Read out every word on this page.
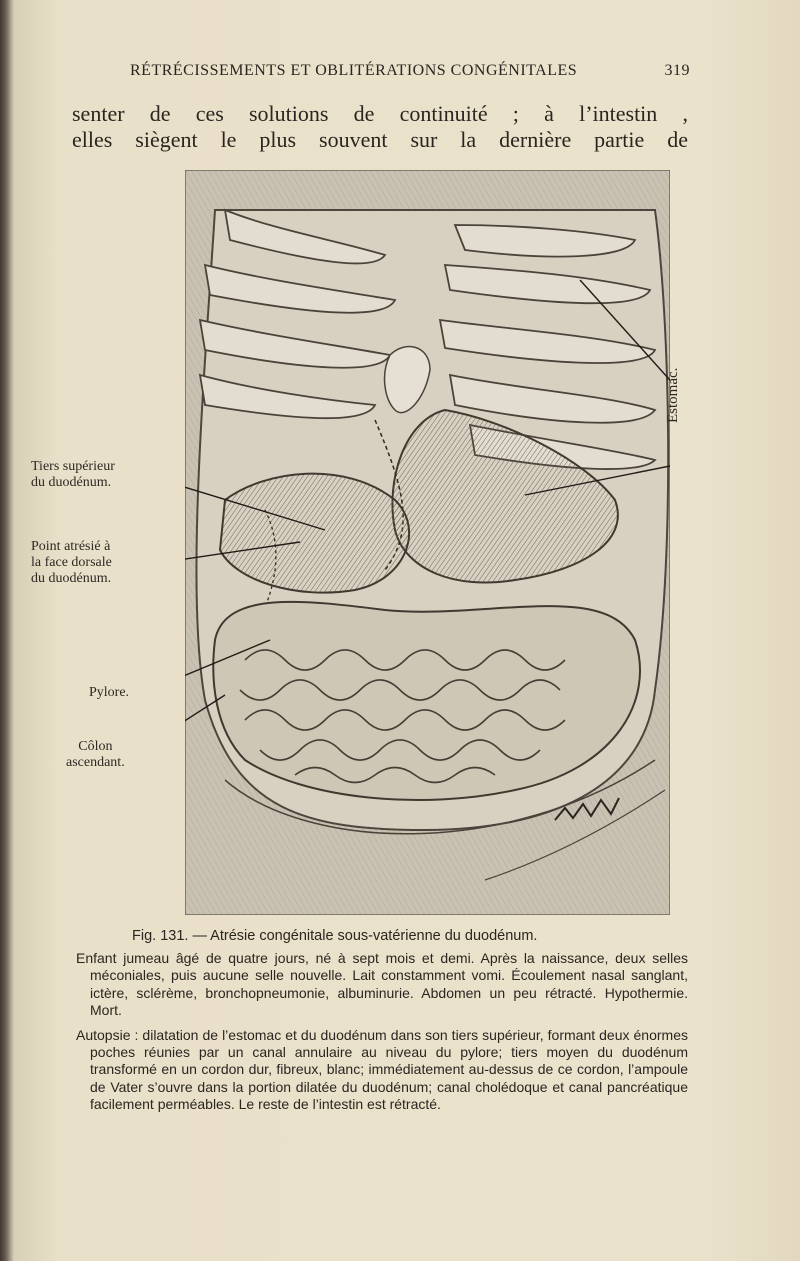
RÉTRÉCISSEMENTS ET OBLITÉRATIONS CONGÉNITALES	319
senter de ces solutions de continuité ; à l’intestin ,
elles siègent le plus souvent sur la dernière partie de
Tiers supérieur
du duodénum.
Point atrésié à
la face dorsale
du duodénum.
Pylore.
Côlon
ascendant.
Estomac.
Fig. 131. — Atrésie congénitale sous-vatérienne du duodénum.

Enfant jumeau âgé de quatre jours, né à sept mois et demi. Après la naissance, deux selles méconiales, puis aucune selle nouvelle. Lait constamment vomi. Écoulement nasal sanglant, ictère, sclérème, bronchopneumonie, albuminurie. Abdomen un peu rétracté. Hypothermie. Mort.

Autopsie : dilatation de l’estomac et du duodénum dans son tiers supérieur, formant deux énormes poches réunies par un canal annulaire au niveau du pylore; tiers moyen du duodénum transformé en un cordon dur, fibreux, blanc; immédiatement au-dessus de ce cordon, l’ampoule de Vater s’ouvre dans la portion dilatée du duodénum; canal cholédoque et canal pancréatique facilement perméables. Le reste de l’intestin est rétracté.
